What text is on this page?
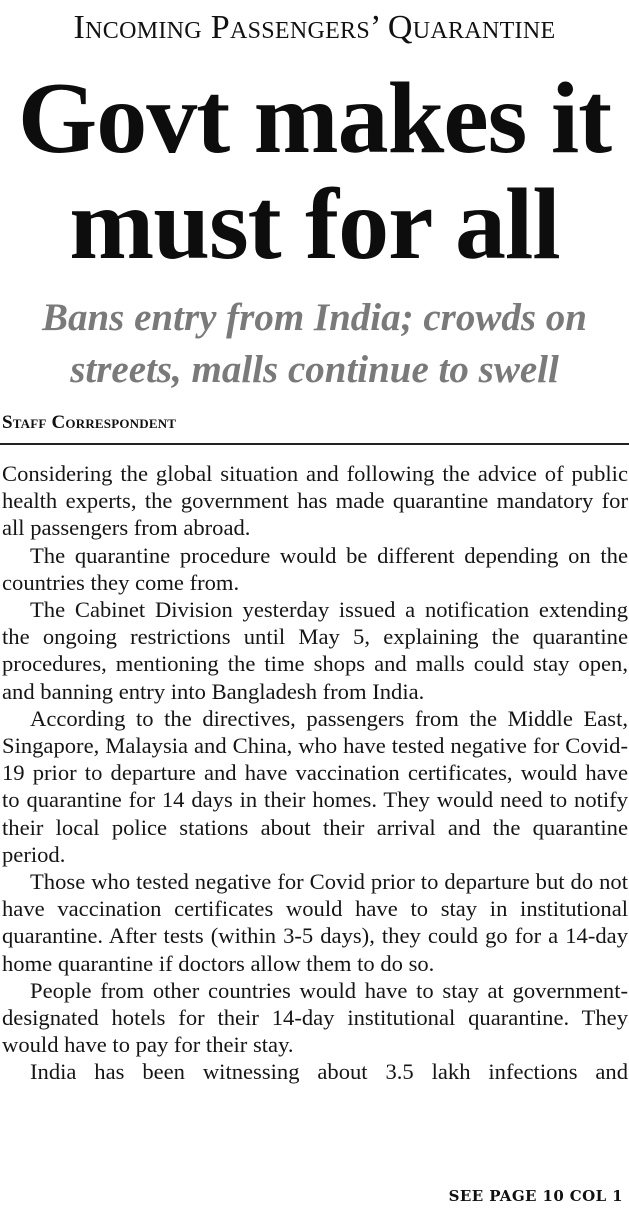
Incoming Passengers’ Quarantine
Govt makes it
must for all
Bans entry from India; crowds on
streets, malls continue to swell
Staff Correspondent

Considering the global situation and following the advice of public health experts, the government has made quarantine mandatory for all passengers from abroad.

The quarantine procedure would be different depending on the countries they come from.

The Cabinet Division yesterday issued a notification extending the ongoing restrictions until May 5, explaining the quarantine procedures, mentioning the time shops and malls could stay open, and banning entry into Bangladesh from India.

According to the directives, passengers from the Middle East, Singapore, Malaysia and China, who have tested negative for Covid-19 prior to departure and have vaccination certificates, would have to quarantine for 14 days in their homes. They would need to notify their local police stations about their arrival and the quarantine period.

Those who tested negative for Covid prior to departure but do not have vaccination certificates would have to stay in institutional quarantine. After tests (within 3-5 days), they could go for a 14-day home quarantine if doctors allow them to do so.

People from other countries would have to stay at government-designated hotels for their 14-day institutional quarantine. They would have to pay for their stay.

India has been witnessing about 3.5 lakh infections and

SEE PAGE 10 COL 1
